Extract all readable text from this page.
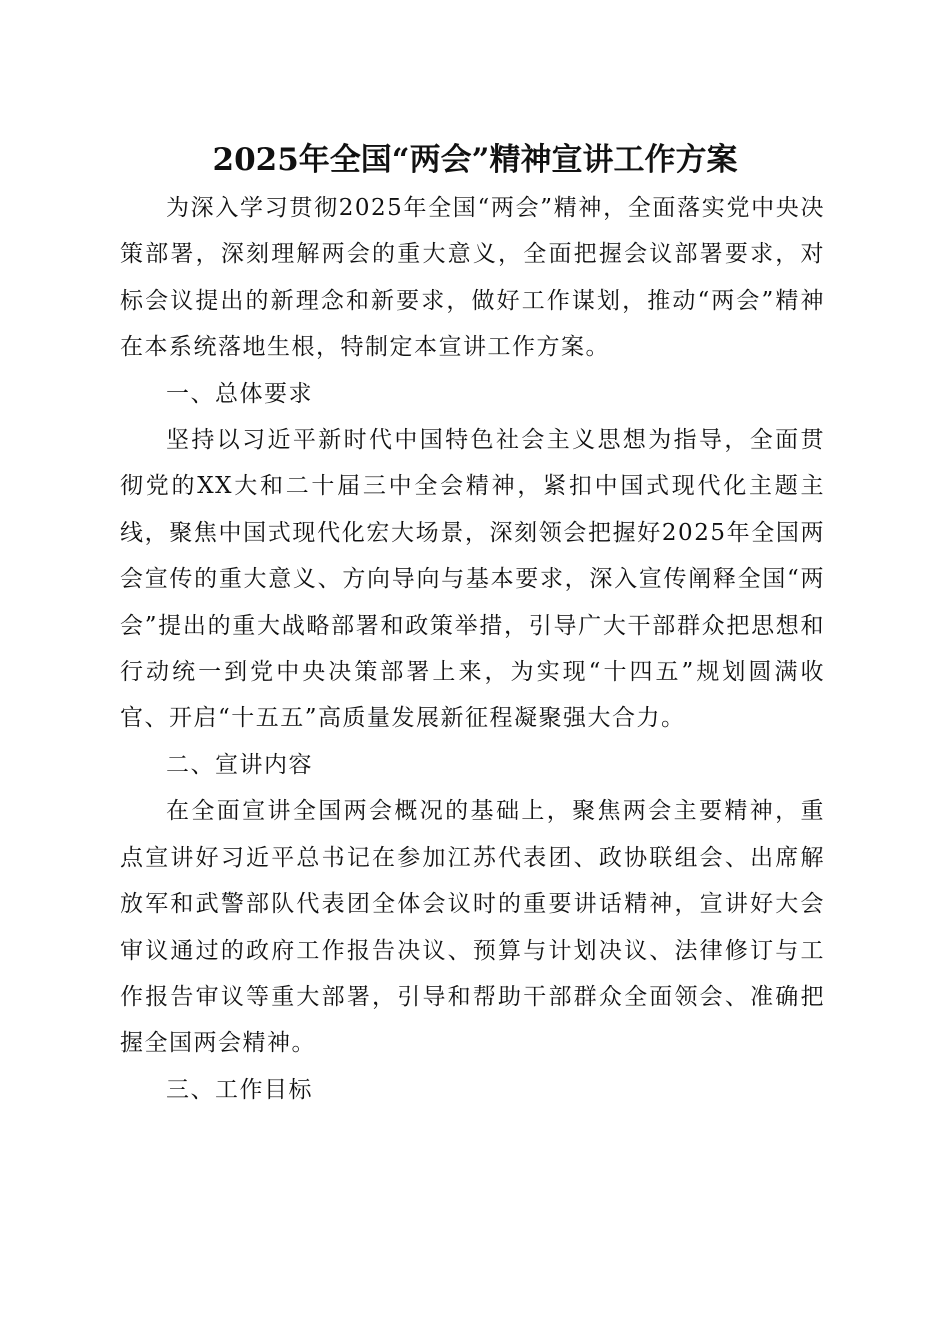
2025年全国“两会”精神宣讲工作方案

为深入学习贯彻2025年全国“两会”精神，全面落实党中央决策部署，深刻理解两会的重大意义，全面把握会议部署要求，对标会议提出的新理念和新要求，做好工作谋划，推动“两会”精神在本系统落地生根，特制定本宣讲工作方案。

一、总体要求

坚持以习近平新时代中国特色社会主义思想为指导，全面贯彻党的XX大和二十届三中全会精神，紧扣中国式现代化主题主线，聚焦中国式现代化宏大场景，深刻领会把握好2025年全国两会宣传的重大意义、方向导向与基本要求，深入宣传阐释全国“两会”提出的重大战略部署和政策举措，引导广大干部群众把思想和行动统一到党中央决策部署上来，为实现“十四五”规划圆满收官、开启“十五五”高质量发展新征程凝聚强大合力。

二、宣讲内容

在全面宣讲全国两会概况的基础上，聚焦两会主要精神，重点宣讲好习近平总书记在参加江苏代表团、政协联组会、出席解放军和武警部队代表团全体会议时的重要讲话精神，宣讲好大会审议通过的政府工作报告决议、预算与计划决议、法律修订与工作报告审议等重大部署，引导和帮助干部群众全面领会、准确把握全国两会精神。

三、工作目标
